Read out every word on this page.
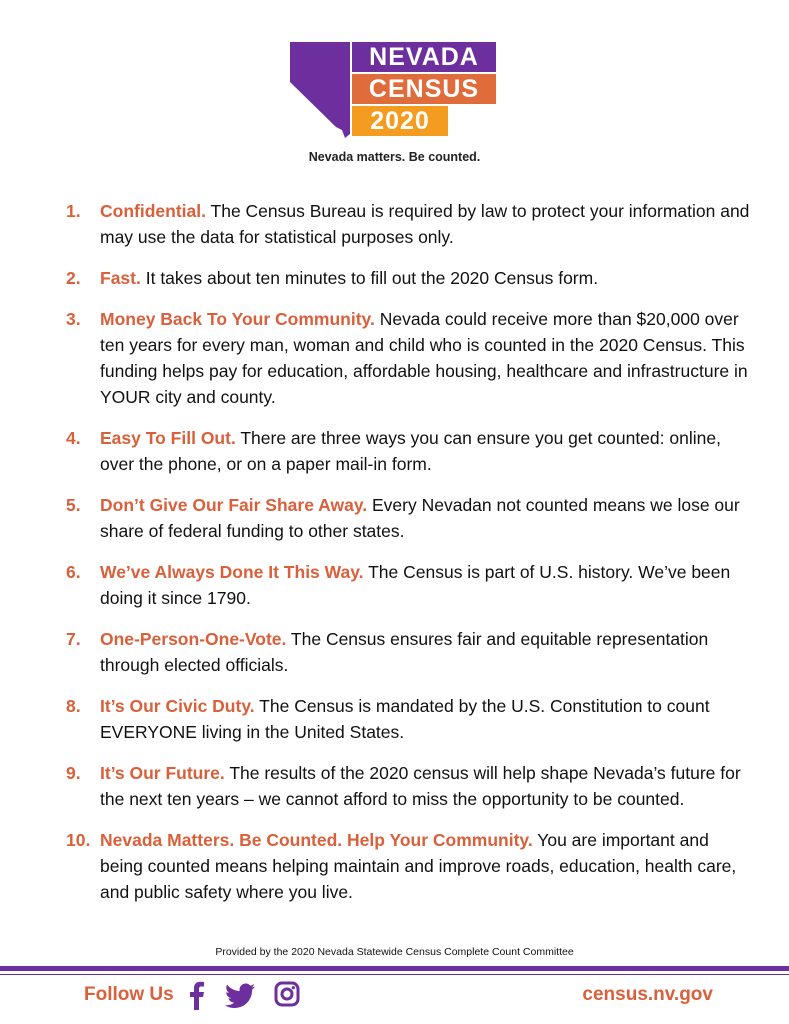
NEVADA
CENSUS
2020
Nevada matters. Be counted.
1. Confidential. The Census Bureau is required by law to protect your information and may use the data for statistical purposes only.
2. Fast. It takes about ten minutes to fill out the 2020 Census form.
3. Money Back To Your Community. Nevada could receive more than $20,000 over ten years for every man, woman and child who is counted in the 2020 Census. This funding helps pay for education, affordable housing, healthcare and infrastructure in YOUR city and county.
4. Easy To Fill Out. There are three ways you can ensure you get counted: online, over the phone, or on a paper mail-in form.
5. Don’t Give Our Fair Share Away. Every Nevadan not counted means we lose our share of federal funding to other states.
6. We’ve Always Done It This Way. The Census is part of U.S. history. We’ve been doing it since 1790.
7. One-Person-One-Vote. The Census ensures fair and equitable representation through elected officials.
8. It’s Our Civic Duty. The Census is mandated by the U.S. Constitution to count EVERYONE living in the United States.
9. It’s Our Future. The results of the 2020 census will help shape Nevada’s future for the next ten years – we cannot afford to miss the opportunity to be counted.
10. Nevada Matters. Be Counted. Help Your Community. You are important and being counted means helping maintain and improve roads, education, health care, and public safety where you live.
Provided by the 2020 Nevada Statewide Census Complete Count Committee
Follow Us	census.nv.gov
